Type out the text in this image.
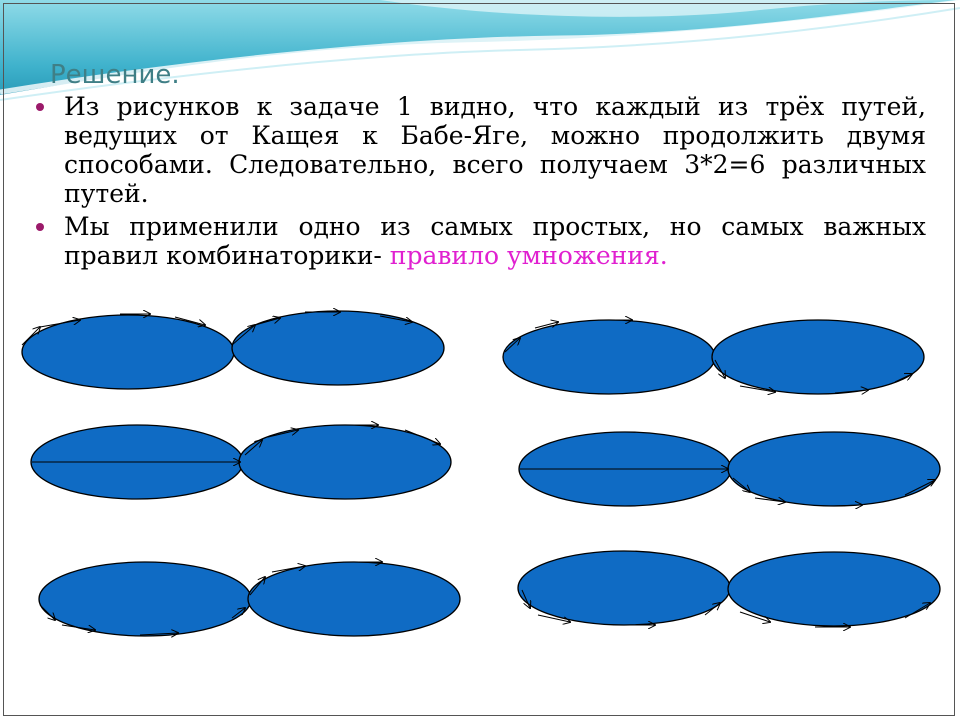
Решение.
Из рисунков к задаче 1 видно, что каждый из трёх путей, ведущих от Кащея к Бабе-Яге, можно продолжить двумя способами. Следовательно, всего получаем 3*2=6 различных путей.
Мы применили одно из самых простых, но самых важных правил комбинаторики- правило умножения.
